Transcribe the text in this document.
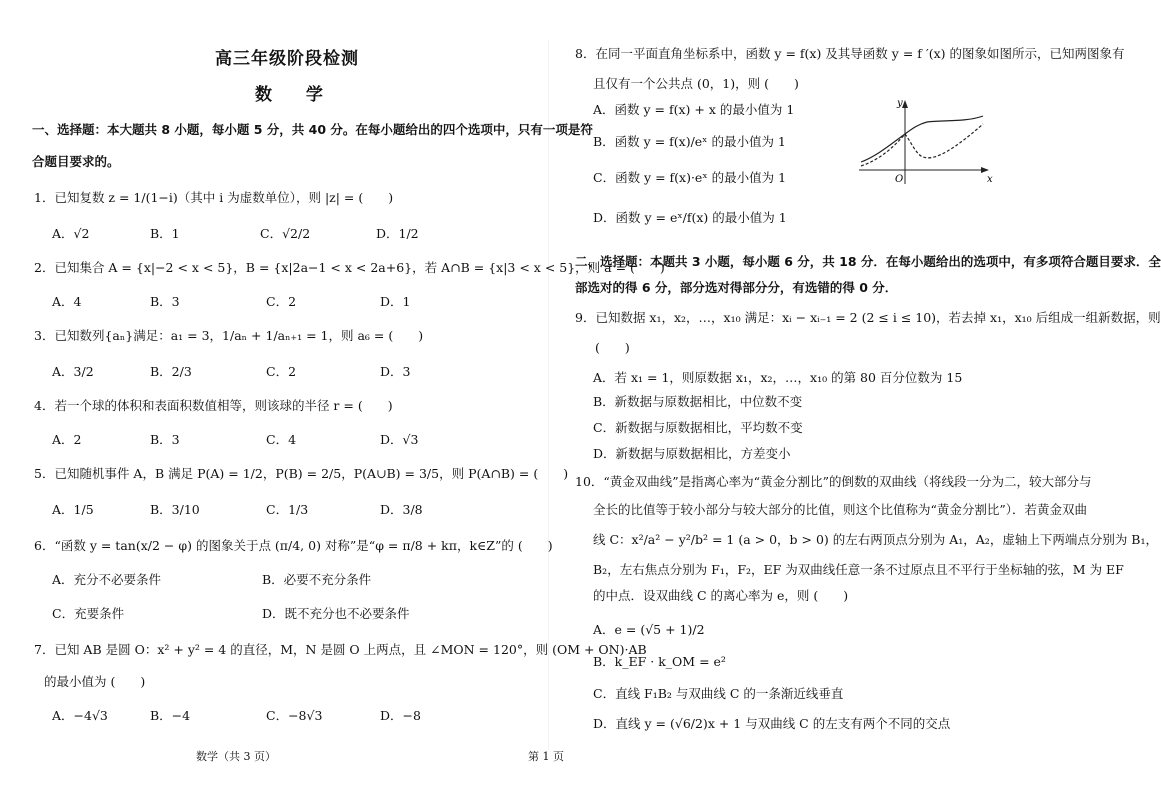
高三年级阶段检测
数 学
一、选择题：本大题共 8 小题，每小题 5 分，共 40 分。在每小题给出的四个选项中，只有一项是符
合题目要求的。
1．已知复数 z = 1/(1−i)（其中 i 为虚数单位），则 |z| = (　　)
A．√2	B．1	C．√2/2	D．1/2
2．已知集合 A = {x|−2 < x < 5}，B = {x|2a−1 < x < 2a+6}，若 A∩B = {x|3 < x < 5}，则 a = (　　)
A．4	B．3	C．2	D．1
3．已知数列{aₙ}满足：a₁ = 3，1/aₙ + 1/aₙ₊₁ = 1，则 a₆ = (　　)
A．3/2	B．2/3	C．2	D．3
4．若一个球的体积和表面积数值相等，则该球的半径 r = (　　)
A．2	B．3	C．4	D．√3
5．已知随机事件 A，B 满足 P(A) = 1/2，P(B) = 2/5，P(A∪B) = 3/5，则 P(A∩B) = (　　)
A．1/5	B．3/10	C．1/3	D．3/8
6．“函数 y = tan(x/2 − φ) 的图象关于点 (π/4, 0) 对称”是“φ = π/8 + kπ，k∈Z”的 (　　)
A．充分不必要条件	B．必要不充分条件
C．充要条件	D．既不充分也不必要条件
7．已知 AB 是圆 O：x² + y² = 4 的直径，M，N 是圆 O 上两点，且 ∠MON = 120°，则 (OM + ON)·AB
的最小值为 (　　)
A．−4√3	B．−4	C．−8√3	D．−8
数学（共 3 页）
8．在同一平面直角坐标系中，函数 y = f(x) 及其导函数 y = f ′(x) 的图象如图所示，已知两图象有
且仅有一个公共点 (0，1)，则 (　　)
A．函数 y = f(x) + x 的最小值为 1
B．函数 y = f(x)/eˣ 的最小值为 1
C．函数 y = f(x)·eˣ 的最小值为 1
D．函数 y = eˣ/f(x) 的最小值为 1
y
x
O
二、选择题：本题共 3 小题，每小题 6 分，共 18 分．在每小题给出的选项中，有多项符合题目要求．全
部选对的得 6 分，部分选对得部分分，有选错的得 0 分．
9．已知数据 x₁，x₂，…，x₁₀ 满足：xᵢ − xᵢ₋₁ = 2 (2 ≤ i ≤ 10)，若去掉 x₁，x₁₀ 后组成一组新数据，则
(　　)
A．若 x₁ = 1，则原数据 x₁，x₂，…，x₁₀ 的第 80 百分位数为 15
B．新数据与原数据相比，中位数不变
C．新数据与原数据相比，平均数不变
D．新数据与原数据相比，方差变小
10．“黄金双曲线”是指离心率为“黄金分割比”的倒数的双曲线（将线段一分为二，较大部分与
全长的比值等于较小部分与较大部分的比值，则这个比值称为“黄金分割比”）．若黄金双曲
线 C：x²/a² − y²/b² = 1 (a > 0，b > 0) 的左右两顶点分别为 A₁，A₂，虚轴上下两端点分别为 B₁，
B₂，左右焦点分别为 F₁，F₂，EF 为双曲线任意一条不过原点且不平行于坐标轴的弦，M 为 EF
的中点．设双曲线 C 的离心率为 e，则 (　　)
A．e = (√5 + 1)/2
B．k_EF · k_OM = e²
C．直线 F₁B₂ 与双曲线 C 的一条渐近线垂直
D．直线 y = (√6/2)x + 1 与双曲线 C 的左支有两个不同的交点
第 1 页
